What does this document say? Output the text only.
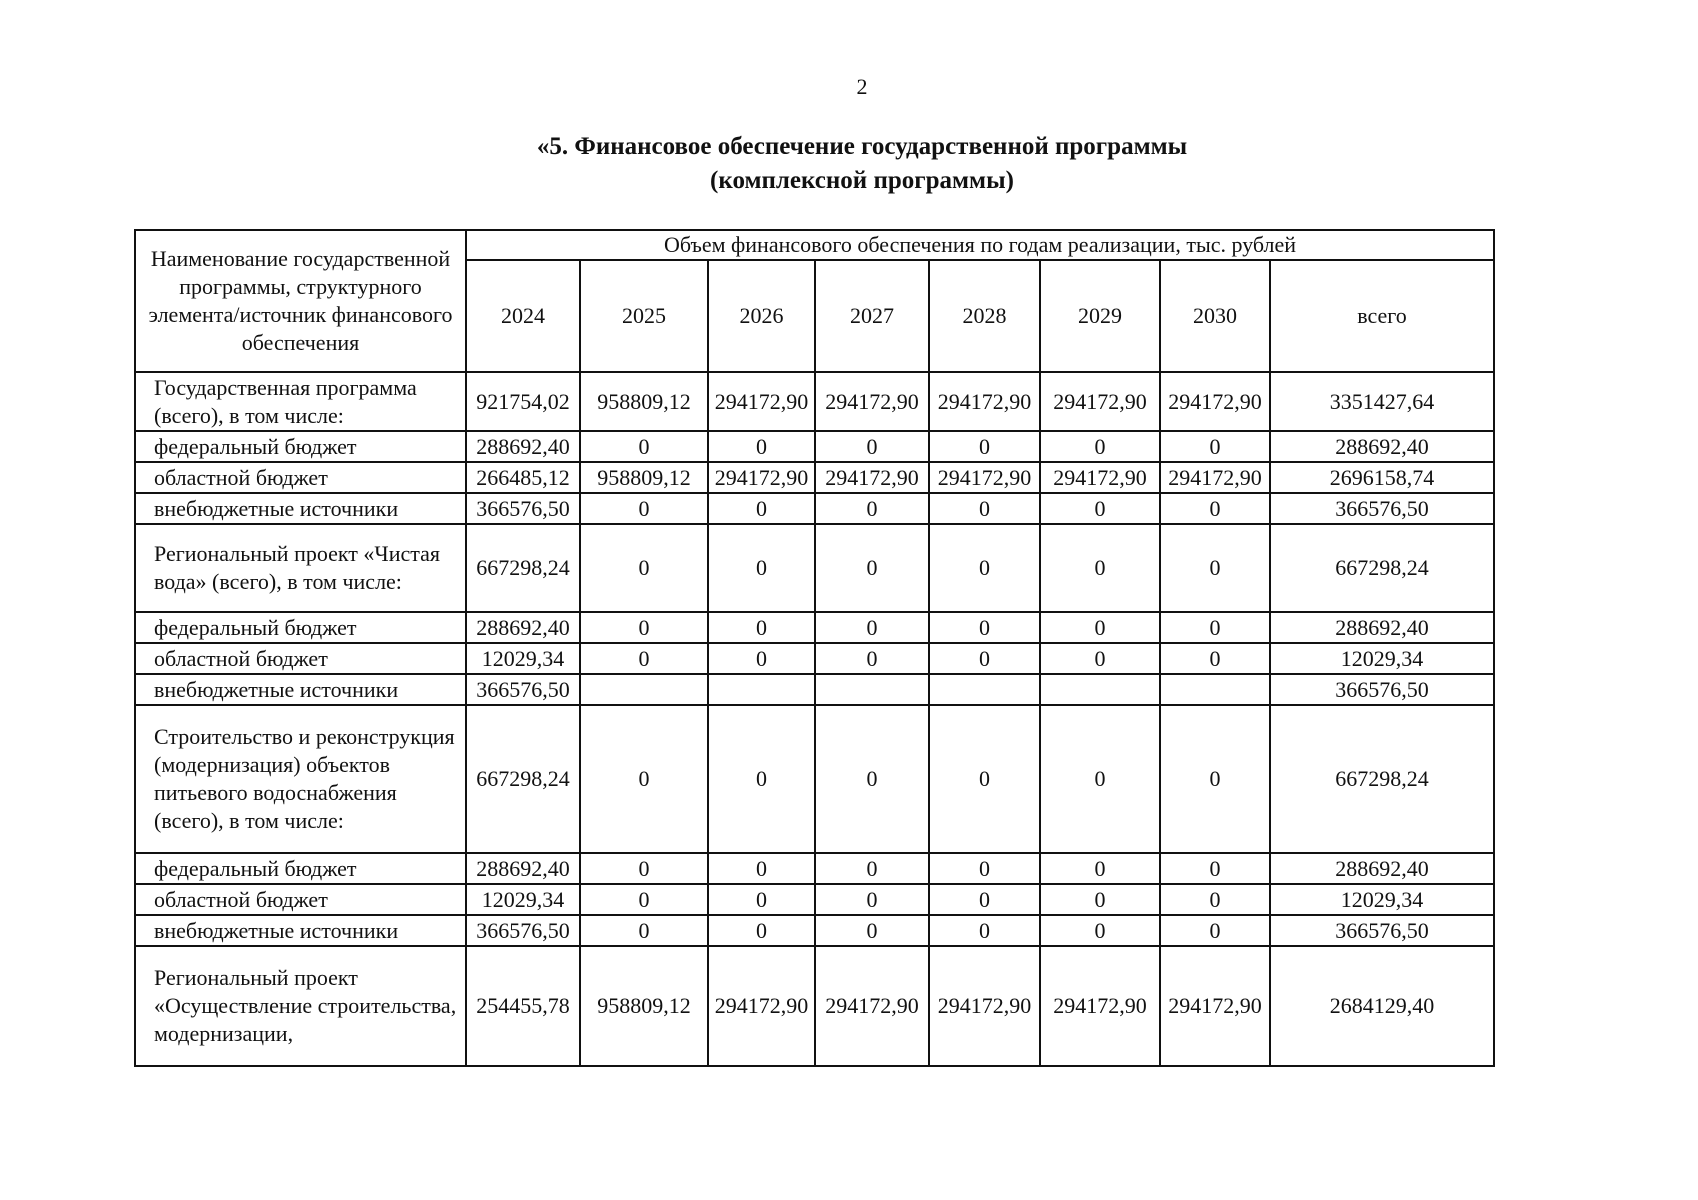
2
«5. Финансовое обеспечение государственной программы
(комплексной программы)
Наименование государственной программы, структурного элемента/источник финансового обеспечения	Объем финансового обеспечения по годам реализации, тыс. рублей							
	2024	2025	2026	2027	2028	2029	2030	всего
Государственная программа (всего), в том числе:	921754,02	958809,12	294172,90	294172,90	294172,90	294172,90	294172,90	3351427,64
федеральный бюджет	288692,40	0	0	0	0	0	0	288692,40
областной бюджет	266485,12	958809,12	294172,90	294172,90	294172,90	294172,90	294172,90	2696158,74
внебюджетные источники	366576,50	0	0	0	0	0	0	366576,50
Региональный проект «Чистая вода» (всего), в том числе:	667298,24	0	0	0	0	0	0	667298,24
федеральный бюджет	288692,40	0	0	0	0	0	0	288692,40
областной бюджет	12029,34	0	0	0	0	0	0	12029,34
внебюджетные источники	366576,50							366576,50
Строительство и реконструкция (модернизация) объектов питьевого водоснабжения (всего), в том числе:	667298,24	0	0	0	0	0	0	667298,24
федеральный бюджет	288692,40	0	0	0	0	0	0	288692,40
областной бюджет	12029,34	0	0	0	0	0	0	12029,34
внебюджетные источники	366576,50	0	0	0	0	0	0	366576,50
Региональный проект «Осуществление строительства, модернизации,	254455,78	958809,12	294172,90	294172,90	294172,90	294172,90	294172,90	2684129,40
